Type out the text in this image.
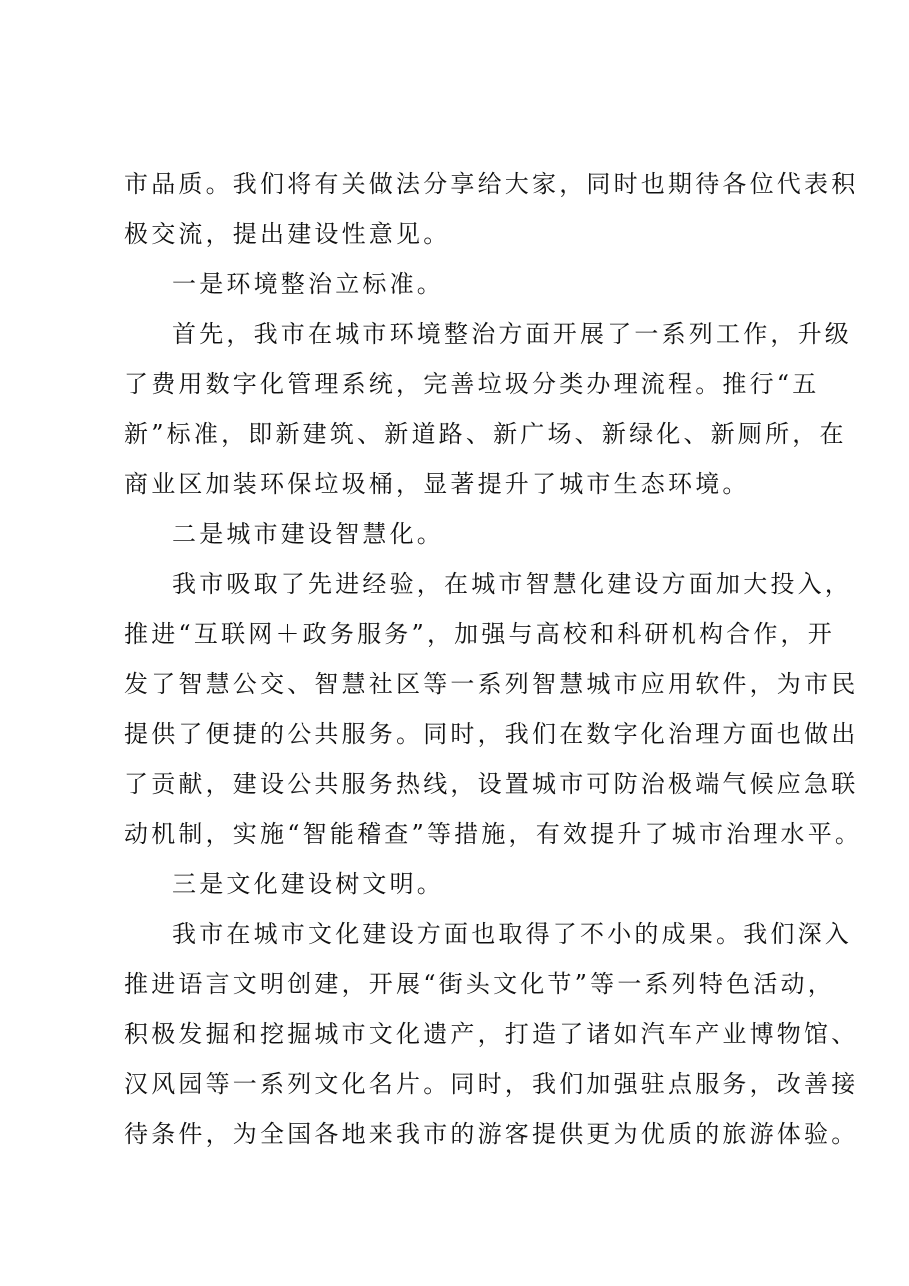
市品质。我们将有关做法分享给大家，同时也期待各位代表积
极交流，提出建设性意见。
一是环境整治立标准。
首先，我市在城市环境整治方面开展了一系列工作，升级
了费用数字化管理系统，完善垃圾分类办理流程。推行“五
新”标准，即新建筑、新道路、新广场、新绿化、新厕所，在
商业区加装环保垃圾桶，显著提升了城市生态环境。
二是城市建设智慧化。
我市吸取了先进经验，在城市智慧化建设方面加大投入，
推进“互联网＋政务服务”，加强与高校和科研机构合作，开
发了智慧公交、智慧社区等一系列智慧城市应用软件，为市民
提供了便捷的公共服务。同时，我们在数字化治理方面也做出
了贡献，建设公共服务热线，设置城市可防治极端气候应急联
动机制，实施“智能稽查”等措施，有效提升了城市治理水平。
三是文化建设树文明。
我市在城市文化建设方面也取得了不小的成果。我们深入
推进语言文明创建，开展“街头文化节”等一系列特色活动，
积极发掘和挖掘城市文化遗产，打造了诸如汽车产业博物馆、
汉风园等一系列文化名片。同时，我们加强驻点服务，改善接
待条件，为全国各地来我市的游客提供更为优质的旅游体验。
